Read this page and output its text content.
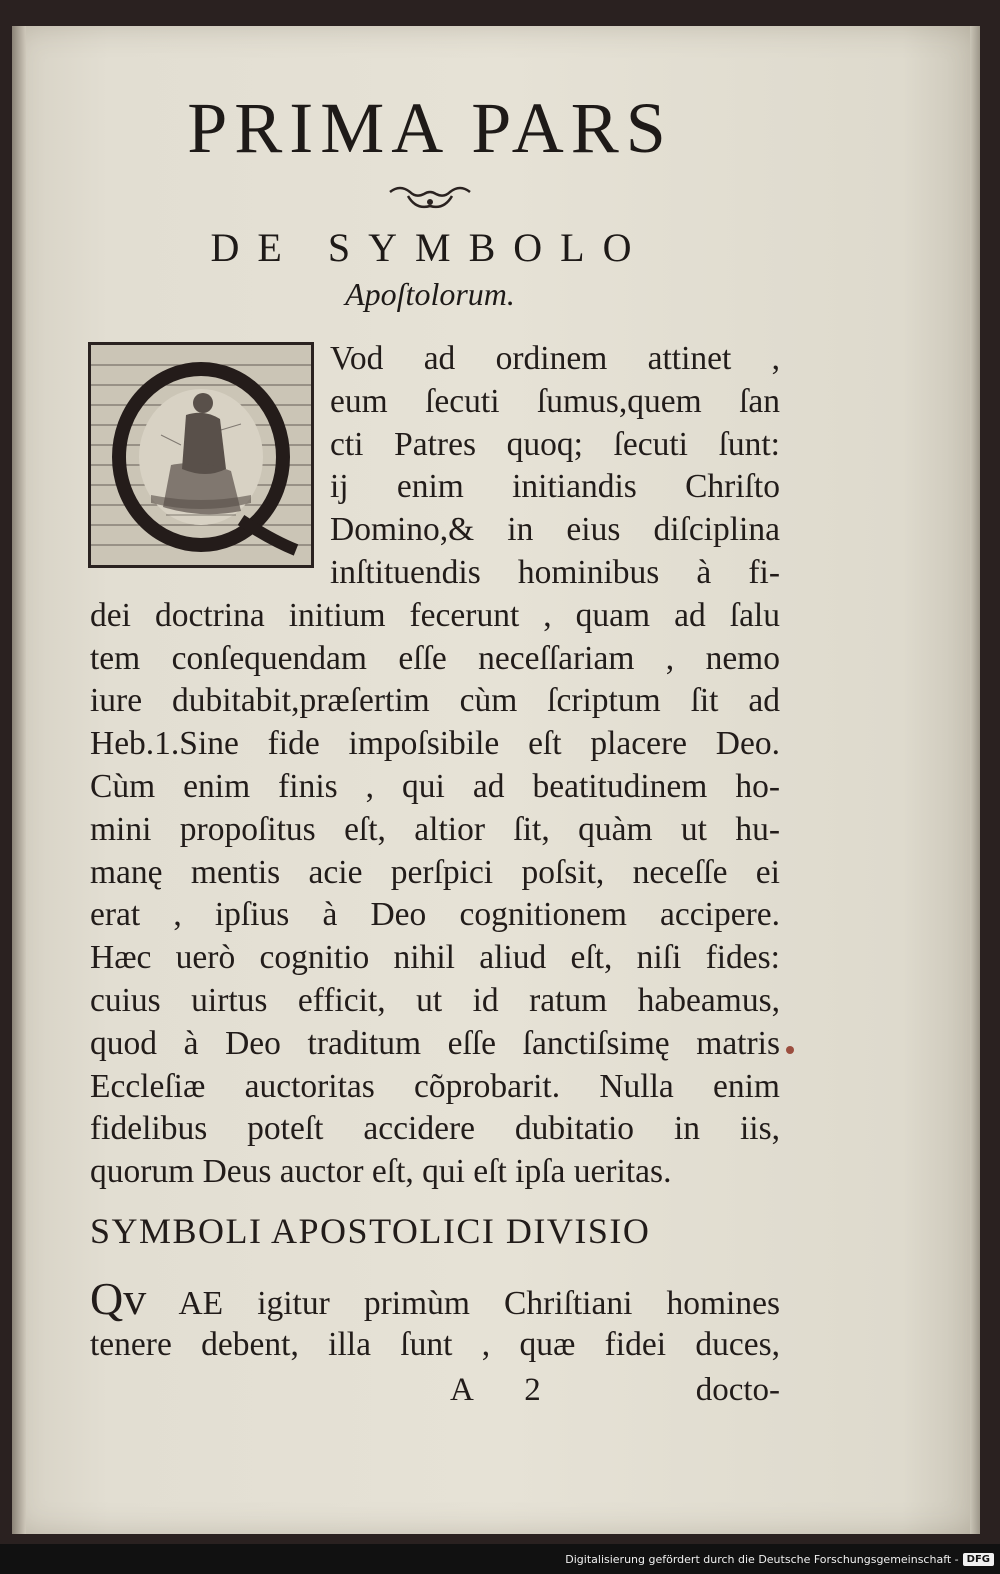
PRIMA PARS
DE SYMBOLO
Apoſtolorum.
Vod ad ordinem attinet ,
eum ſecuti ſumus,quem ſan
cti Patres quoq; ſecuti ſunt:
ij enim initiandis Chriſto
Domino,& in eius diſciplina
inſtituendis hominibus à fi-
dei doctrina initium fecerunt , quam ad ſalu
tem conſequendam eſſe neceſſariam , nemo
iure dubitabit,præſertim cùm ſcriptum ſit ad
Heb.1.Sine fide impoſsibile eſt placere Deo.
Cùm enim finis , qui ad beatitudinem ho-
mini propoſitus eſt, altior ſit, quàm ut hu-
manę mentis acie perſpici poſsit, neceſſe ei
erat , ipſius à Deo cognitionem accipere.
Hæc uerò cognitio nihil aliud eſt, niſi fides:
cuius uirtus efficit, ut id ratum habeamus,
quod à Deo traditum eſſe ſanctiſsimę matris
Eccleſiæ auctoritas cõprobarit. Nulla enim
fidelibus poteſt accidere dubitatio in iis,
quorum Deus auctor eſt, qui eſt ipſa ueritas.
SYMBOLI APOSTOLICI DIVISIO
Qv AE igitur primùm Chriſtiani homines
tenere debent, illa ſunt , quæ fidei duces,
A 2	docto-
Digitalisierung gefördert durch die Deutsche Forschungsgemeinschaft - DFG
